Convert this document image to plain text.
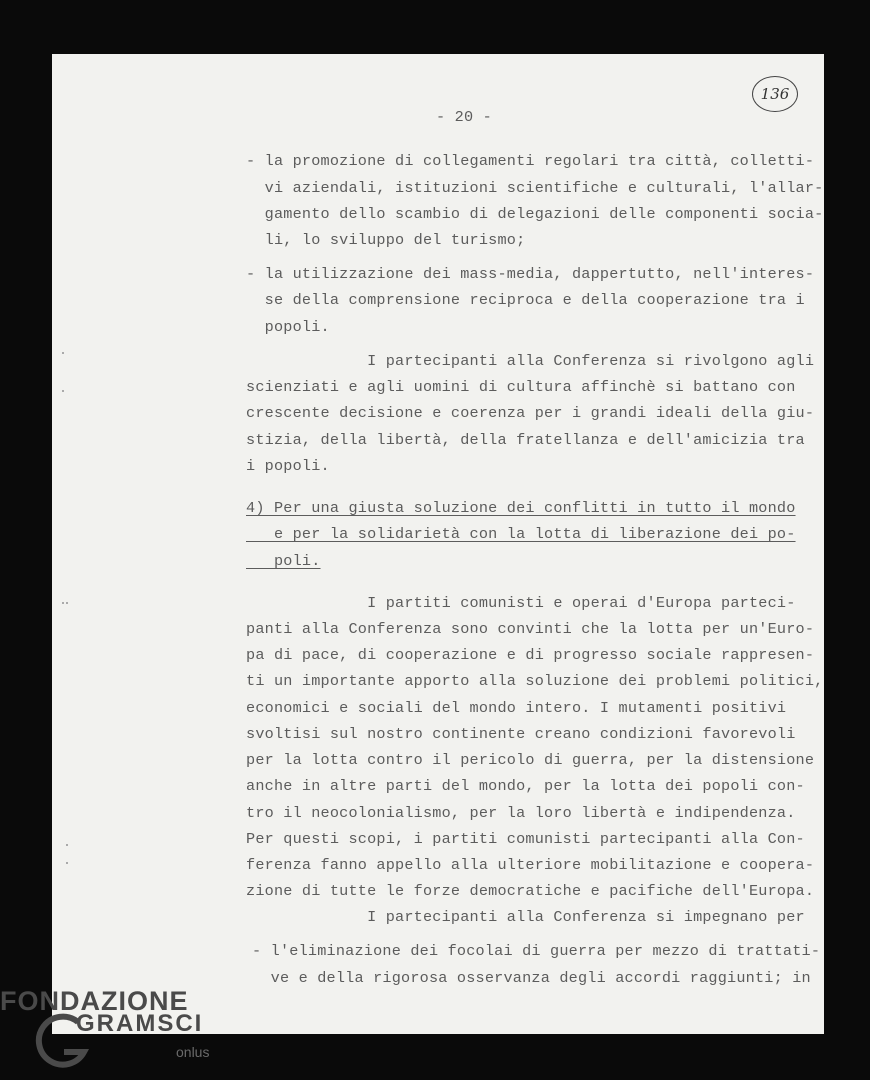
136
- 20 -
- la promozione di collegamenti regolari tra città, colletti-
vi aziendali, istituzioni scientifiche e culturali, l'allar-
gamento dello scambio di delegazioni delle componenti socia-
li, lo sviluppo del turismo;
- la utilizzazione dei mass-media, dappertutto, nell'interes-
se della comprensione reciproca e della cooperazione tra i
popoli.
I partecipanti alla Conferenza si rivolgono agli
scienziati e agli uomini di cultura affinchè si battano con
crescente decisione e coerenza per i grandi ideali della giu-
stizia, della libertà, della fratellanza e dell'amicizia tra
i popoli.
4) Per una giusta soluzione dei conflitti in tutto il mondo
e per la solidarietà con la lotta di liberazione dei po-
poli.
I partiti comunisti e operai d'Europa parteci-
panti alla Conferenza sono convinti che la lotta per un'Euro-
pa di pace, di cooperazione e di progresso sociale rappresen-
ti un importante apporto alla soluzione dei problemi politici,
economici e sociali del mondo intero. I mutamenti positivi
svoltisi sul nostro continente creano condizioni favorevoli
per la lotta contro il pericolo di guerra, per la distensione
anche in altre parti del mondo, per la lotta dei popoli con-
tro il neocolonialismo, per la loro libertà e indipendenza.
Per questi scopi, i partiti comunisti partecipanti alla Con-
ferenza fanno appello alla ulteriore mobilitazione e coopera-
zione di tutte le forze democratiche e pacifiche dell'Europa.
I partecipanti alla Conferenza si impegnano per
- l'eliminazione dei focolai di guerra per mezzo di trattati-
ve e della rigorosa osservanza degli accordi raggiunti; in
FONDAZIONE
GRAMSCI
onlus
